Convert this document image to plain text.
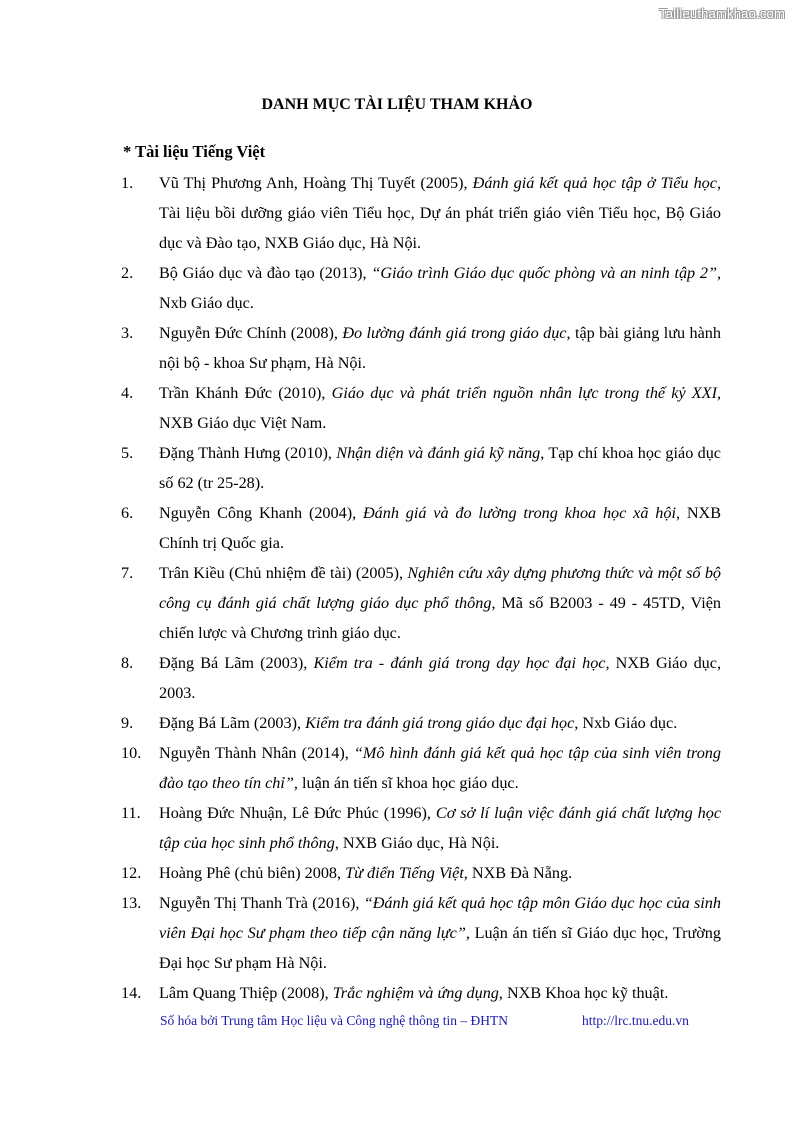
Tailieuthamkhao.com
DANH MỤC TÀI LIỆU THAM KHẢO
* Tài liệu Tiếng Việt
1. Vũ Thị Phương Anh, Hoàng Thị Tuyết (2005), Đánh giá kết quả học tập ở Tiểu học, Tài liệu bồi dưỡng giáo viên Tiểu học, Dự án phát triển giáo viên Tiểu học, Bộ Giáo dục và Đào tạo, NXB Giáo dục, Hà Nội.
2. Bộ Giáo dục và đào tạo (2013), “Giáo trình Giáo dục quốc phòng và an ninh tập 2”, Nxb Giáo dục.
3. Nguyễn Đức Chính (2008), Đo lường đánh giá trong giáo dục, tập bài giảng lưu hành nội bộ - khoa Sư phạm, Hà Nội.
4. Trần Khánh Đức (2010), Giáo dục và phát triển nguồn nhân lực trong thế kỷ XXI, NXB Giáo dục Việt Nam.
5. Đặng Thành Hưng (2010), Nhận diện và đánh giá kỹ năng, Tạp chí khoa học giáo dục số 62 (tr 25-28).
6. Nguyễn Công Khanh (2004), Đánh giá và đo lường trong khoa học xã hội, NXB Chính trị Quốc gia.
7. Trân Kiều (Chủ nhiệm đề tài) (2005), Nghiên cứu xây dựng phương thức và một số bộ công cụ đánh giá chất lượng giáo dục phổ thông, Mã số B2003 - 49 - 45TD, Viện chiến lược và Chương trình giáo dục.
8. Đặng Bá Lãm (2003), Kiểm tra - đánh giá trong dạy học đại học, NXB Giáo dục, 2003.
9. Đặng Bá Lãm (2003), Kiểm tra đánh giá trong giáo dục đại học, Nxb Giáo dục.
10. Nguyễn Thành Nhân (2014), “Mô hình đánh giá kết quả học tập của sinh viên trong đào tạo theo tín chỉ”, luận án tiến sĩ khoa học giáo dục.
11. Hoàng Đức Nhuận, Lê Đức Phúc (1996), Cơ sở lí luận việc đánh giá chất lượng học tập của học sinh phổ thông, NXB Giáo dục, Hà Nội.
12. Hoàng Phê (chủ biên) 2008, Từ điển Tiếng Việt, NXB Đà Nẵng.
13. Nguyễn Thị Thanh Trà (2016), “Đánh giá kết quả học tập môn Giáo dục học của sinh viên Đại học Sư phạm theo tiếp cận năng lực”, Luận án tiến sĩ Giáo dục học, Trường Đại học Sư phạm Hà Nội.
14. Lâm Quang Thiệp (2008), Trắc nghiệm và ứng dụng, NXB Khoa học kỹ thuật.
Số hóa bởi Trung tâm Học liệu và Công nghệ thông tin – ĐHTN	http://lrc.tnu.edu.vn
